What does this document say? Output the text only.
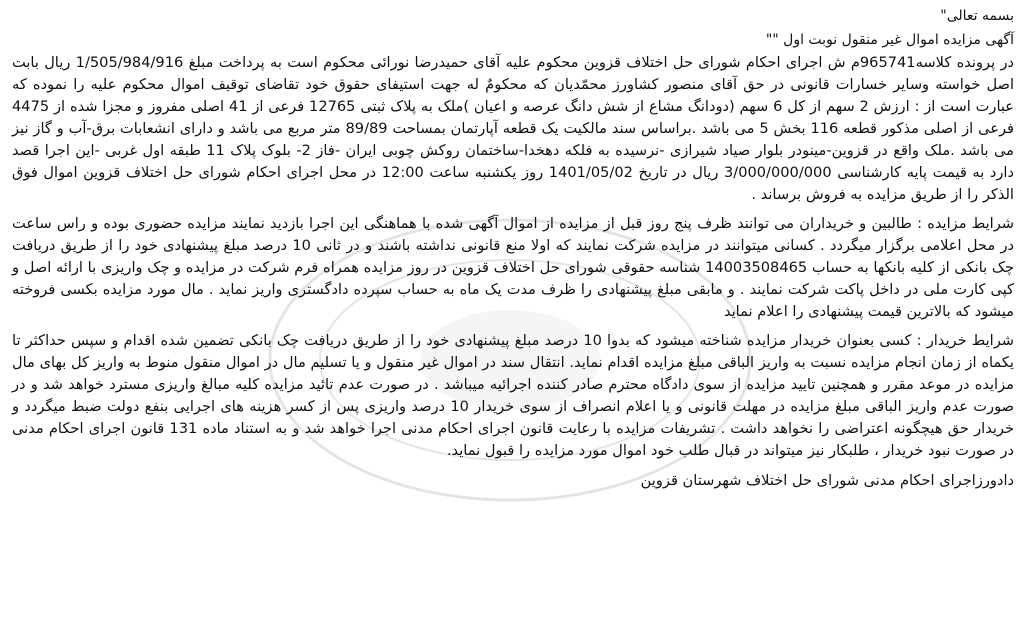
بسمه تعالی"

آگهی مزایده اموال غیر منقول نوبت اول ""

در پرونده کلاسه965741م ش اجرای احکام شورای حل اختلاف قزوین محکوم علیه آقای حمیدرضا نورائی محکوم است به پرداخت مبلغ 1/505/984/916 ریال بابت اصل خواسته وسایر خسارات قانونی در حق آقای منصور کشاورز محمّدیان که محکومٌ له جهت استیفای حقوق خود تقاضای توقیف اموال محکوم علیه را نموده که عبارت است از : ارزش 2 سهم از کل 6 سهم (دودانگ مشاع از شش دانگ عرصه و اعیان )ملک به پلاک ثبتی 12765 فرعی از 41 اصلی مفروز و مجزا شده از 4475 فرعی از اصلی مذکور قطعه 116 بخش 5 می باشد .براساس سند مالکیت یک قطعه آپارتمان بمساحت 89/89 متر مربع می باشد و دارای انشعابات برق-آب و گاز نیز می باشد .ملک واقع در قزوین-مینودر بلوار صیاد شیرازی -نرسیده به فلکه دهخدا-ساختمان روکش چوبی ایران -فاز 2- بلوک پلاک 11 طبقه اول غربی -این اجرا قصد دارد به قیمت پایه کارشناسی 3/000/000/000 ریال در تاریخ 1401/05/02 روز یکشنبه ساعت 12:00 در محل اجرای احکام شورای حل اختلاف قزوین اموال فوق الذکر را از طریق مزایده به فروش برساند .

شرایط مزایده : طالبین و خریداران می توانند ظرف پنج روز قبل از مزایده از اموال آگهی شده با هماهنگی این اجرا بازدید نمایند مزایده حضوری بوده و راس ساعت در محل اعلامی برگزار میگردد . کسانی میتوانند در مزایده شرکت نمایند که اولا منع قانونی نداشته باشند و در ثانی 10 درصد مبلغ پیشنهادی خود را از طریق دریافت چک بانکی از کلیه بانکها به حساب 14003508465 شناسه حقوقی شورای حل اختلاف قزوین در روز مزایده همراه فرم شرکت در مزایده و چک واریزی با ارائه اصل و کپی کارت ملی در داخل پاکت شرکت نمایند . و مابقی مبلغ پیشنهادی را ظرف مدت یک ماه به حساب سپرده دادگستری واریز نماید . مال مورد مزایده بکسی فروخته میشود که بالاترین قیمت پیشنهادی را اعلام نماید

شرایط خریدار : کسی بعنوان خریدار مزایده شناخته میشود که بدوا 10 درصد مبلغ پیشنهادی خود را از طریق دریافت چک بانکی تضمین شده اقدام و سپس حداکثر تا یکماه از زمان انجام مزایده نسبت به واریز الباقی مبلغ مزایده اقدام نماید. انتقال سند در اموال غیر منقول و یا تسلیم مال در اموال منقول منوط به واریز کل بهای مال مزایده در موعد مقرر و همچنین تایید مزایده از سوی دادگاه محترم صادر کننده اجرائیه میباشد . در صورت عدم تائید مزایده کلیه مبالغ واریزی مسترد خواهد شد و در صورت عدم واریز الباقی مبلغ مزایده در مهلت قانونی و یا اعلام انصراف از سوی خریدار 10 درصد واریزی پس از کسر هزینه های اجرایی بنفع دولت ضبط میگردد و خریدار حق هیچگونه اعتراضی را نخواهد داشت . تشریفات مزایده با رعایت قانون اجرای احکام مدنی اجرا خواهد شد و به استناد ماده 131 قانون اجرای احکام مدنی در صورت نبود خریدار ، طلبکار نیز میتواند در قبال طلب خود اموال مورد مزایده را قبول نماید.

دادورزاجرای احکام مدنی شورای حل اختلاف شهرستان قزوین
